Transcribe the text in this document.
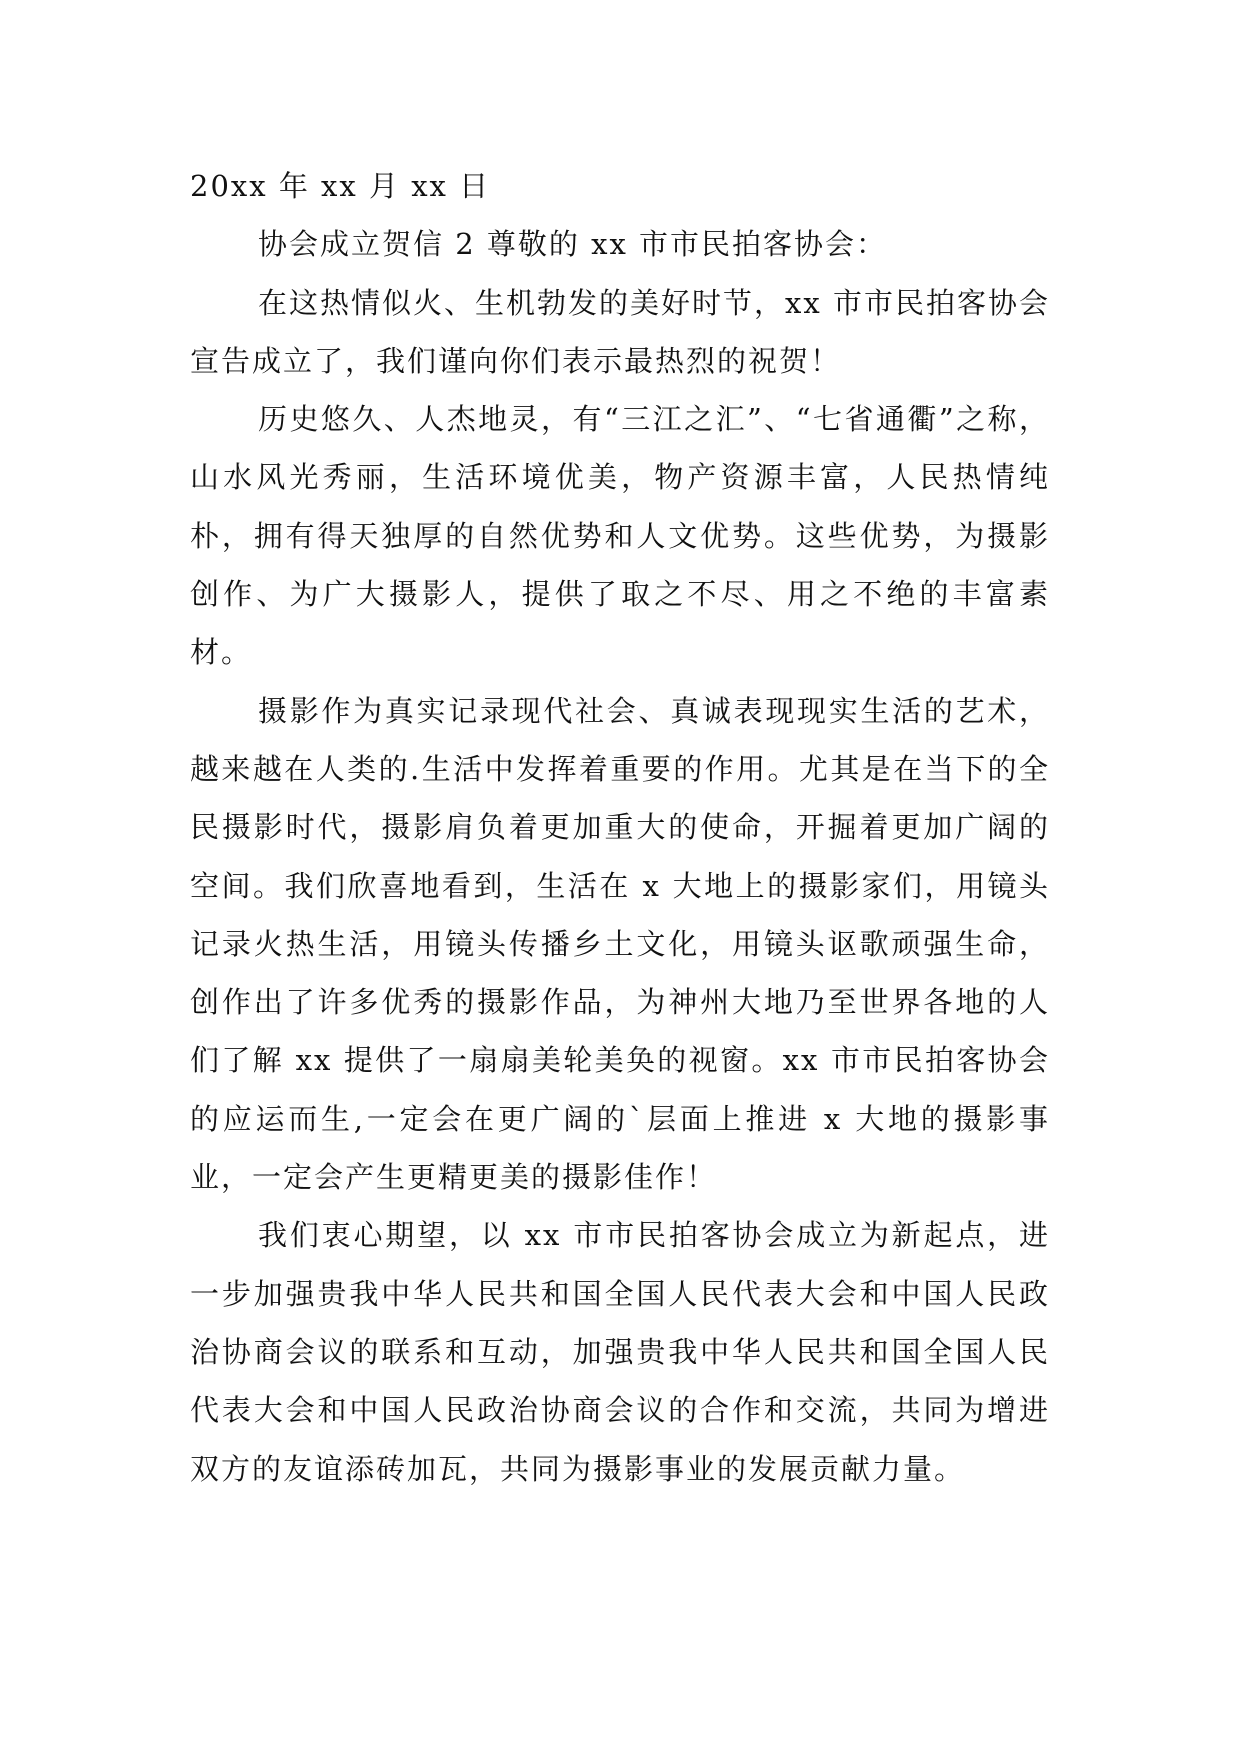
20xx 年 xx 月 xx 日

协会成立贺信 2 尊敬的 xx 市市民拍客协会：

在这热情似火、生机勃发的美好时节，xx 市市民拍客协会宣告成立了，我们谨向你们表示最热烈的祝贺！

历史悠久、人杰地灵，有“三江之汇”、“七省通衢”之称，山水风光秀丽，生活环境优美，物产资源丰富，人民热情纯朴，拥有得天独厚的自然优势和人文优势。这些优势，为摄影创作、为广大摄影人，提供了取之不尽、用之不绝的丰富素材。

摄影作为真实记录现代社会、真诚表现现实生活的艺术，越来越在人类的.生活中发挥着重要的作用。尤其是在当下的全民摄影时代，摄影肩负着更加重大的使命，开掘着更加广阔的空间。我们欣喜地看到，生活在 x 大地上的摄影家们，用镜头记录火热生活，用镜头传播乡土文化，用镜头讴歌顽强生命，创作出了许多优秀的摄影作品，为神州大地乃至世界各地的人们了解 xx 提供了一扇扇美轮美奂的视窗。xx 市市民拍客协会的应运而生,一定会在更广阔的`层面上推进 x 大地的摄影事业，一定会产生更精更美的摄影佳作！

我们衷心期望，以 xx 市市民拍客协会成立为新起点，进一步加强贵我中华人民共和国全国人民代表大会和中国人民政治协商会议的联系和互动，加强贵我中华人民共和国全国人民代表大会和中国人民政治协商会议的合作和交流，共同为增进双方的友谊添砖加瓦，共同为摄影事业的发展贡献力量。
